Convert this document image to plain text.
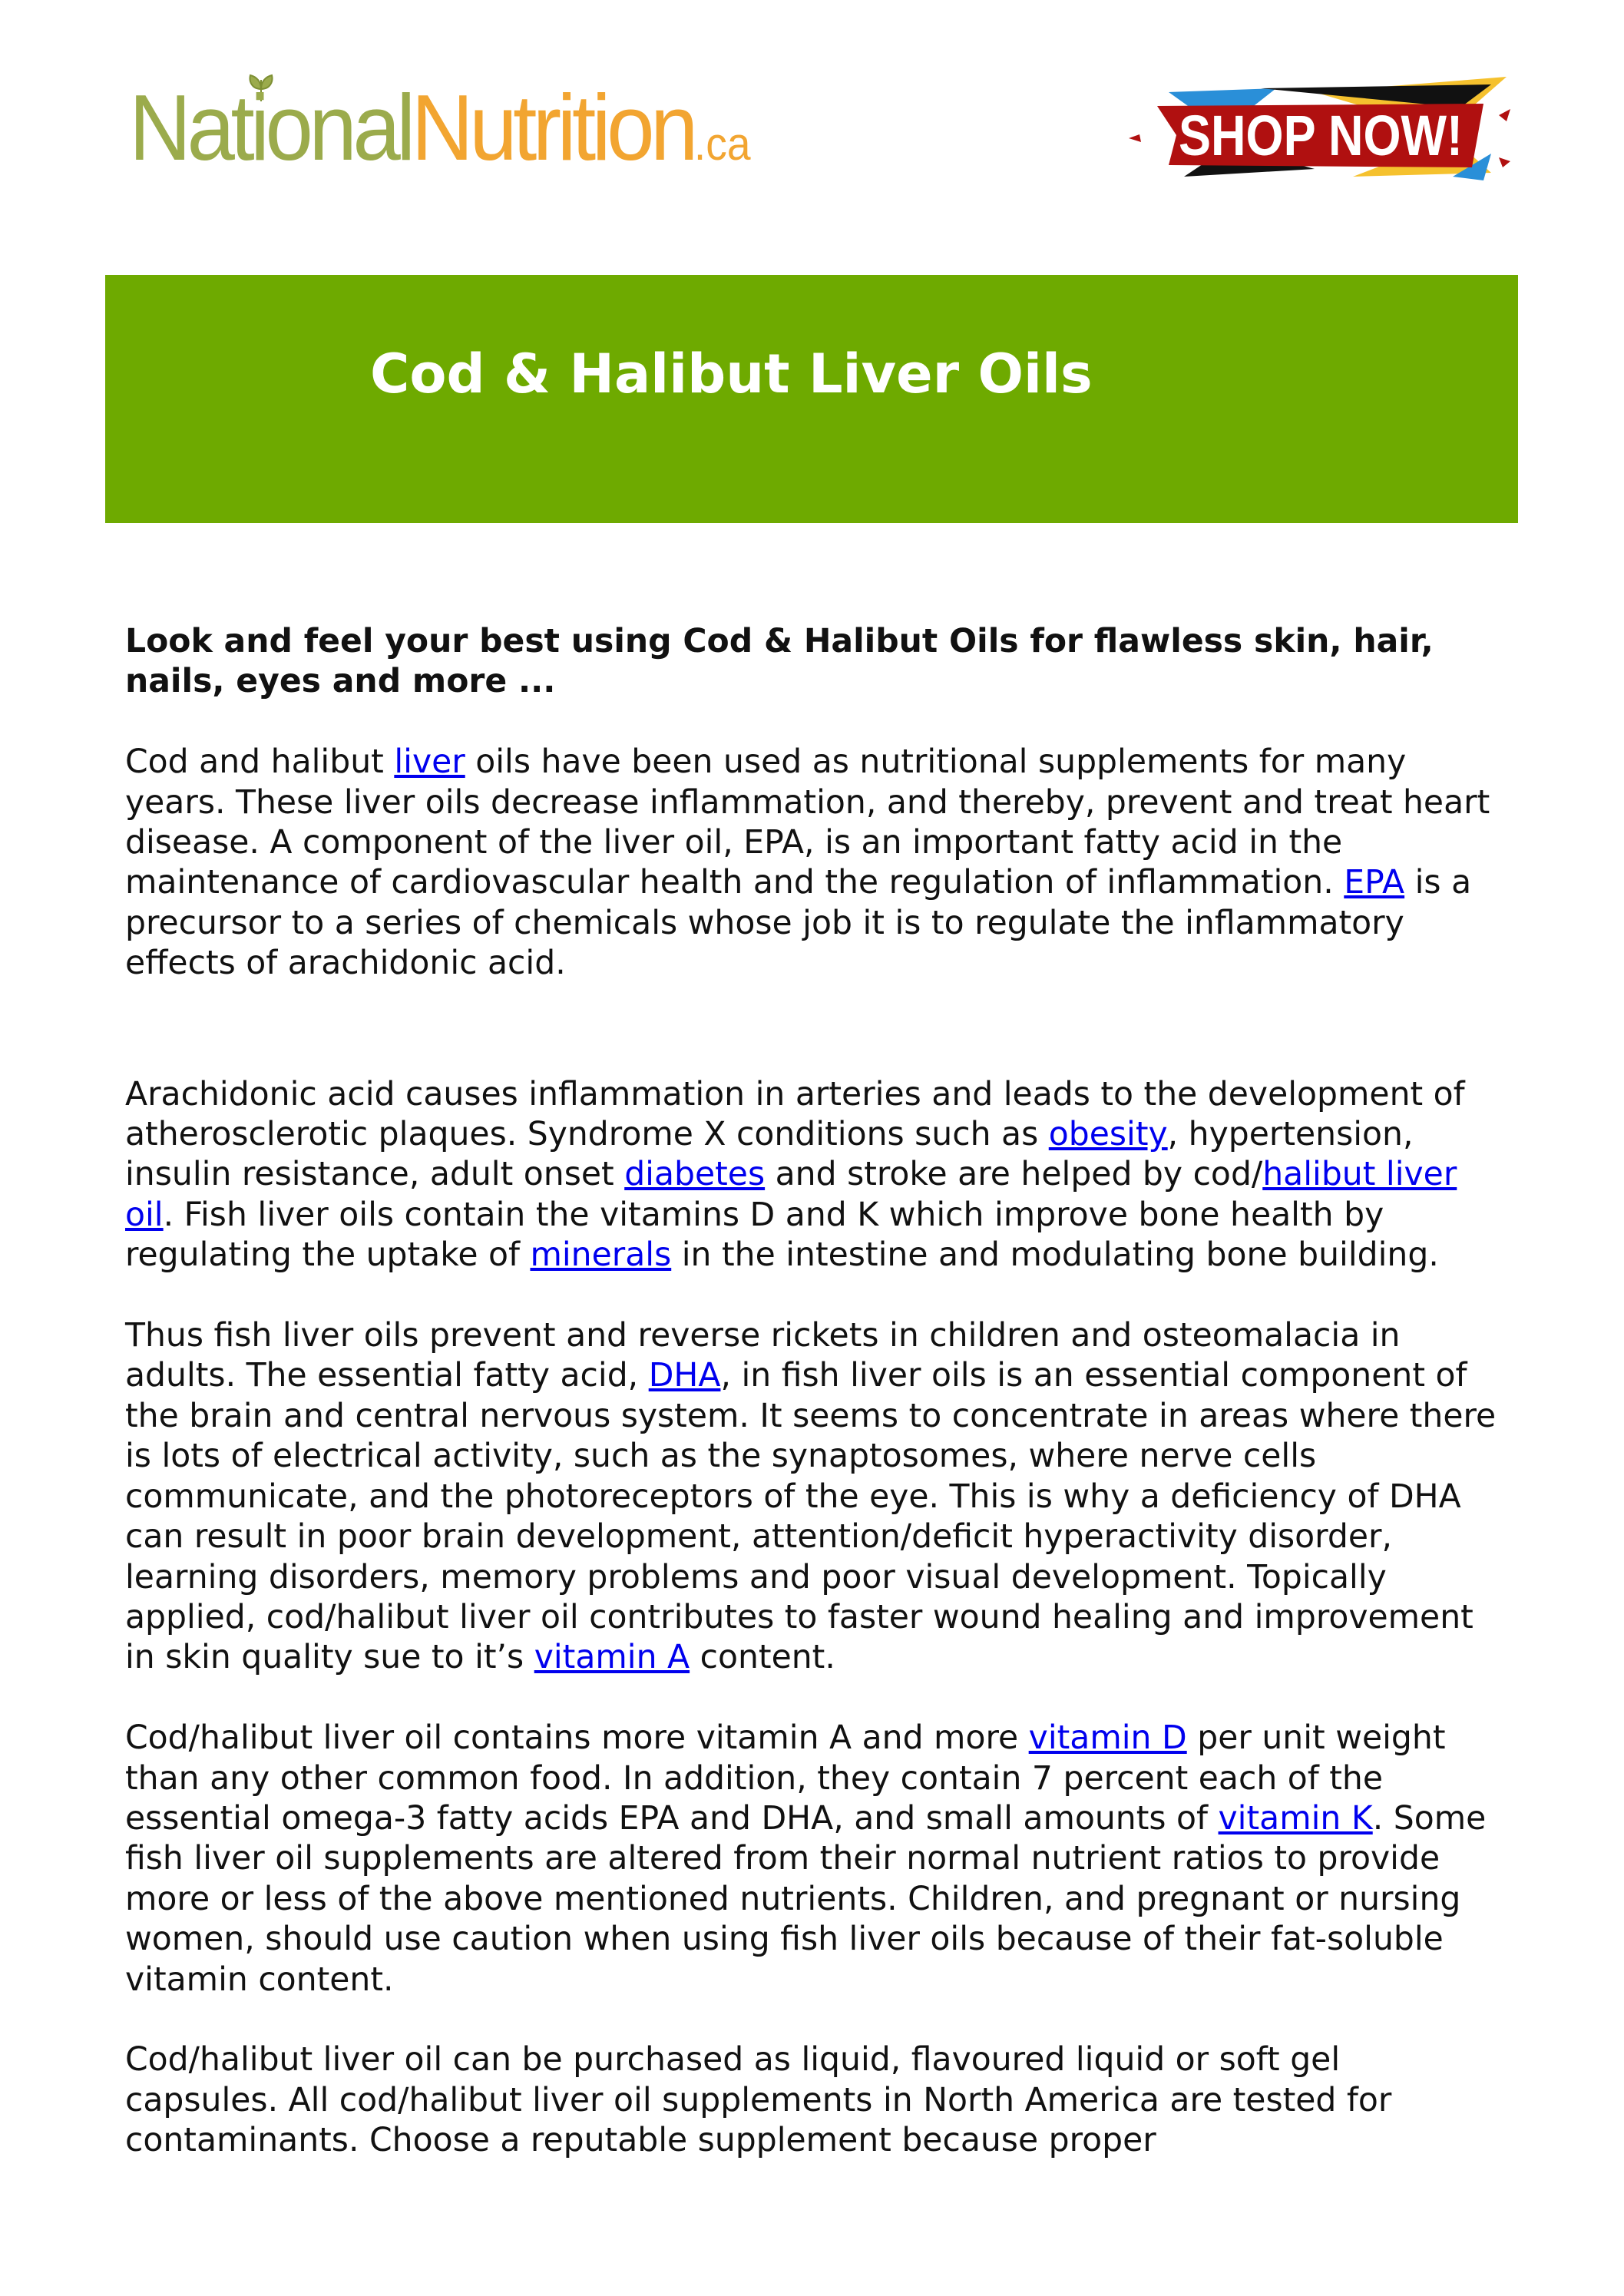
NationalNutrition.ca	SHOP NOW!
Cod & Halibut Liver Oils

Look and feel your best using Cod & Halibut Oils for flawless skin, hair, nails, eyes and more ...

Cod and halibut liver oils have been used as nutritional supplements for many years. These liver oils decrease inflammation, and thereby, prevent and treat heart disease. A component of the liver oil, EPA, is an important fatty acid in the maintenance of cardiovascular health and the regulation of inflammation. EPA is a precursor to a series of chemicals whose job it is to regulate the inflammatory effects of arachidonic acid.

Arachidonic acid causes inflammation in arteries and leads to the development of atherosclerotic plaques. Syndrome X conditions such as obesity, hypertension, insulin resistance, adult onset diabetes and stroke are helped by cod/halibut liver oil. Fish liver oils contain the vitamins D and K which improve bone health by regulating the uptake of minerals in the intestine and modulating bone building.

Thus fish liver oils prevent and reverse rickets in children and osteomalacia in adults. The essential fatty acid, DHA, in fish liver oils is an essential component of the brain and central nervous system. It seems to concentrate in areas where there is lots of electrical activity, such as the synaptosomes, where nerve cells communicate, and the photoreceptors of the eye. This is why a deficiency of DHA can result in poor brain development, attention/deficit hyperactivity disorder, learning disorders, memory problems and poor visual development. Topically applied, cod/halibut liver oil contributes to faster wound healing and improvement in skin quality sue to it’s vitamin A content.

Cod/halibut liver oil contains more vitamin A and more vitamin D per unit weight than any other common food. In addition, they contain 7 percent each of the essential omega-3 fatty acids EPA and DHA, and small amounts of vitamin K. Some fish liver oil supplements are altered from their normal nutrient ratios to provide more or less of the above mentioned nutrients. Children, and pregnant or nursing women, should use caution when using fish liver oils because of their fat-soluble vitamin content.

Cod/halibut liver oil can be purchased as liquid, flavoured liquid or soft gel capsules. All cod/halibut liver oil supplements in North America are tested for contaminants. Choose a reputable supplement because proper
